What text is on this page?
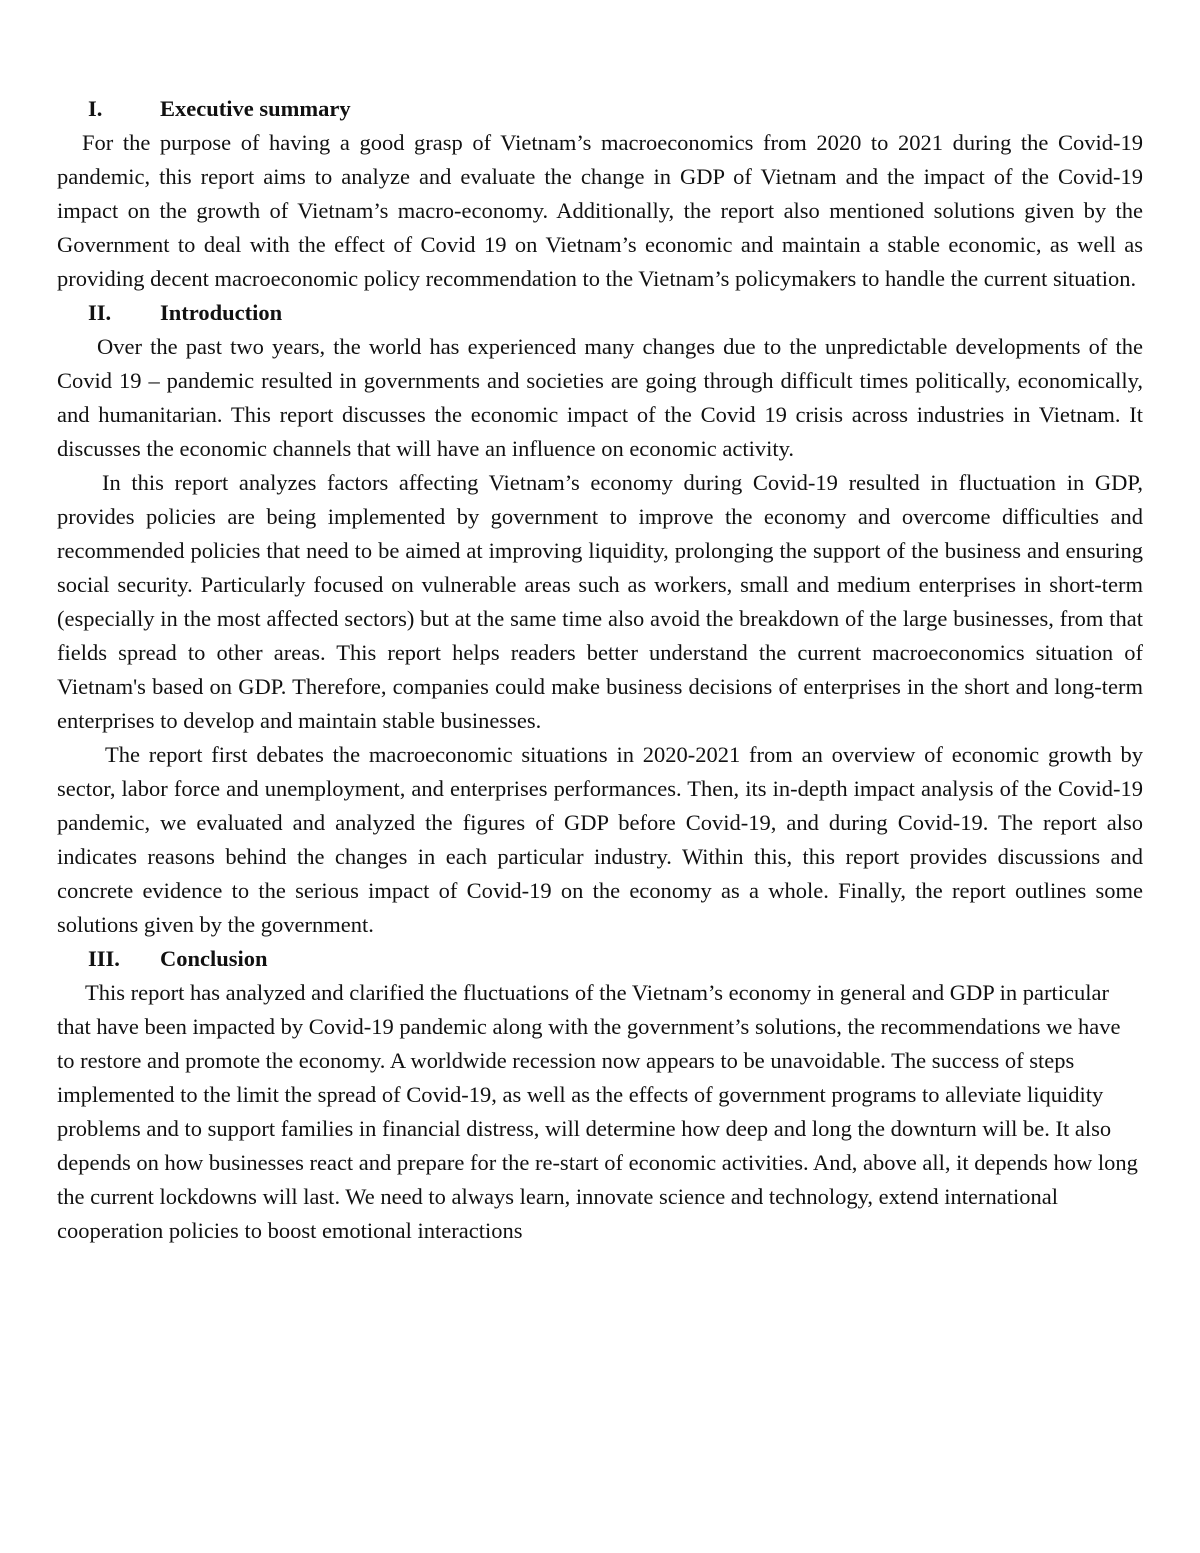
I.	Executive summary

For the purpose of having a good grasp of Vietnam’s macroeconomics from 2020 to 2021 during the Covid-19 pandemic, this report aims to analyze and evaluate the change in GDP of Vietnam and the impact of the Covid-19 impact on the growth of Vietnam’s macro-economy. Additionally, the report also mentioned solutions given by the Government to deal with the effect of Covid 19 on Vietnam’s economic and maintain a stable economic, as well as providing decent macroeconomic policy recommendation to the Vietnam’s policymakers to handle the current situation.

II.	Introduction

Over the past two years, the world has experienced many changes due to the unpredictable developments of the Covid 19 – pandemic resulted in governments and societies are going through difficult times politically, economically, and humanitarian. This report discusses the economic impact of the Covid 19 crisis across industries in Vietnam. It discusses the economic channels that will have an influence on economic activity.

In this report analyzes factors affecting Vietnam’s economy during Covid-19 resulted in fluctuation in GDP, provides policies are being implemented by government to improve the economy and overcome difficulties and recommended policies that need to be aimed at improving liquidity, prolonging the support of the business and ensuring social security. Particularly focused on vulnerable areas such as workers, small and medium enterprises in short-term (especially in the most affected sectors) but at the same time also avoid the breakdown of the large businesses, from that fields spread to other areas. This report helps readers better understand the current macroeconomics situation of Vietnam's based on GDP. Therefore, companies could make business decisions of enterprises in the short and long-term enterprises to develop and maintain stable businesses.

The report first debates the macroeconomic situations in 2020-2021 from an overview of economic growth by sector, labor force and unemployment, and enterprises performances. Then, its in-depth impact analysis of the Covid-19 pandemic, we evaluated and analyzed the figures of GDP before Covid-19, and during Covid-19. The report also indicates reasons behind the changes in each particular industry. Within this, this report provides discussions and concrete evidence to the serious impact of Covid-19 on the economy as a whole. Finally, the report outlines some solutions given by the government.

III.	Conclusion

This report has analyzed and clarified the fluctuations of the Vietnam’s economy in general and GDP in particular that have been impacted by Covid-19 pandemic along with the government’s solutions, the recommendations we have to restore and promote the economy. A worldwide recession now appears to be unavoidable. The success of steps implemented to the limit the spread of Covid-19, as well as the effects of government programs to alleviate liquidity problems and to support families in financial distress, will determine how deep and long the downturn will be. It also depends on how businesses react and prepare for the re-start of economic activities. And, above all, it depends how long the current lockdowns will last. We need to always learn, innovate science and technology, extend international cooperation policies to boost emotional interactions
